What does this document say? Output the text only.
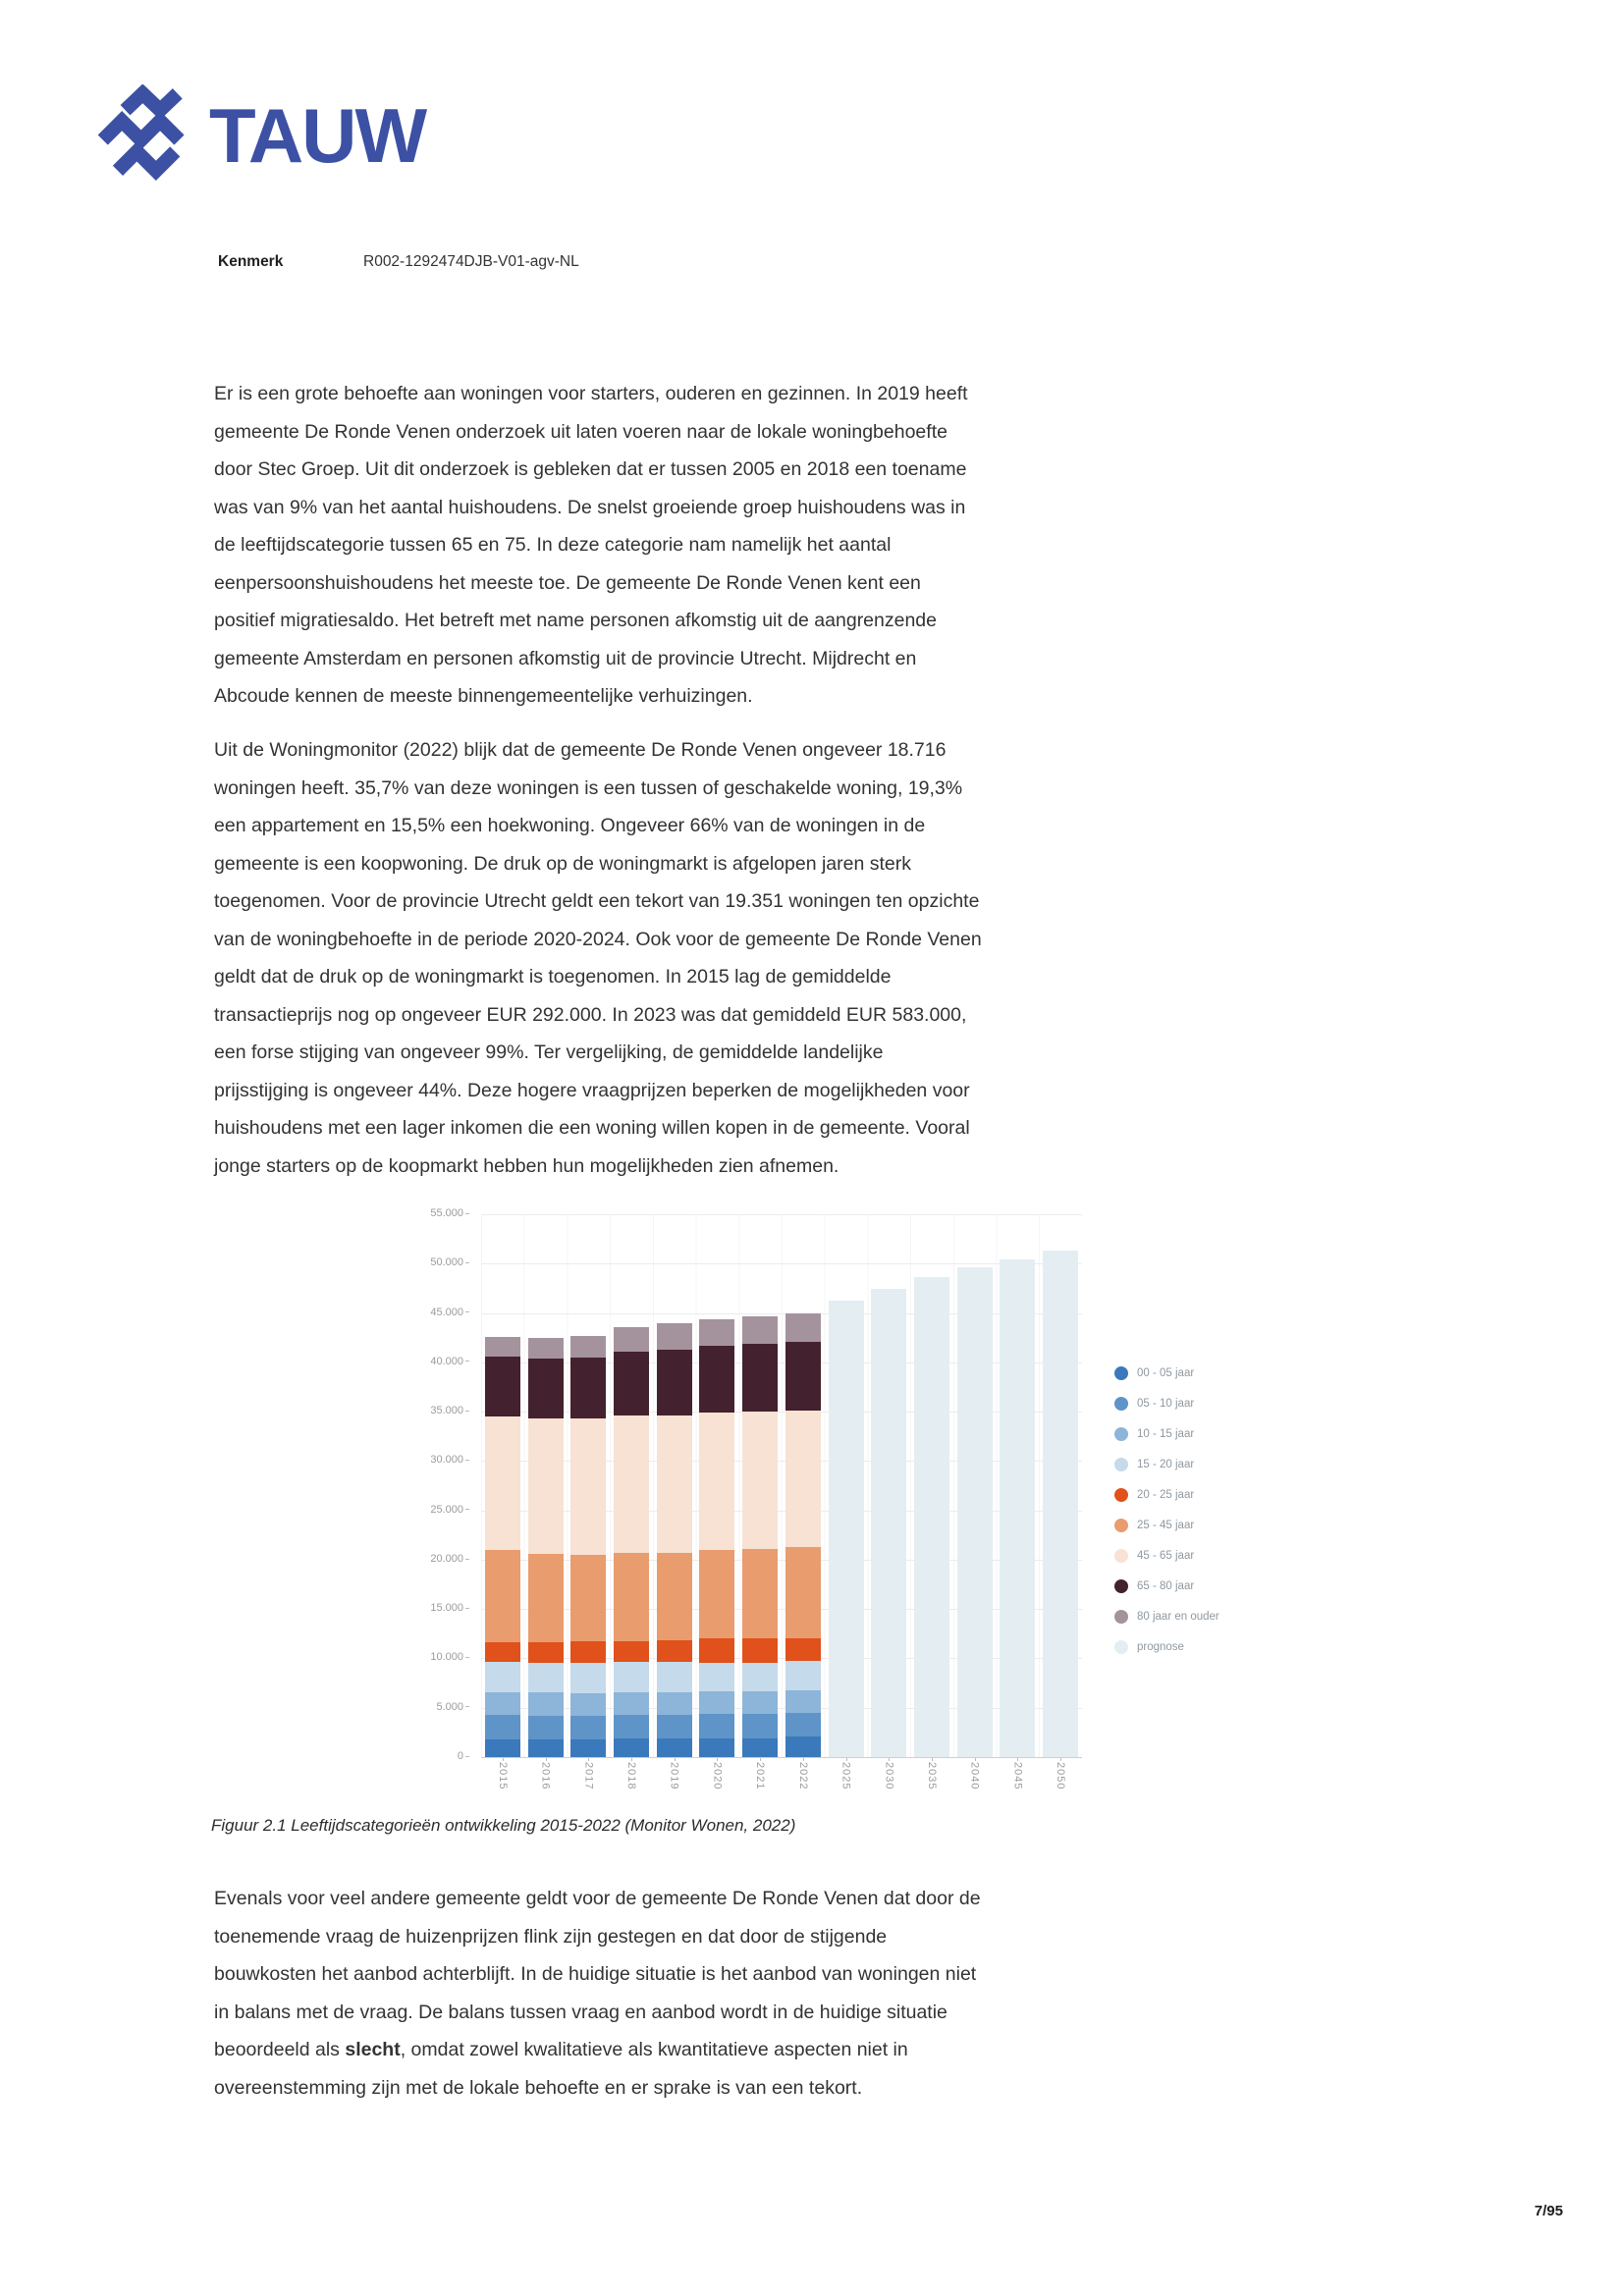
TAUW
Kenmerk	R002-1292474DJB-V01-agv-NL
Er is een grote behoefte aan woningen voor starters, ouderen en gezinnen. In 2019 heeft gemeente De Ronde Venen onderzoek uit laten voeren naar de lokale woningbehoefte door Stec Groep. Uit dit onderzoek is gebleken dat er tussen 2005 en 2018 een toename was van 9% van het aantal huishoudens. De snelst groeiende groep huishoudens was in de leeftijdscategorie tussen 65 en 75. In deze categorie nam namelijk het aantal eenpersoonshuishoudens het meeste toe. De gemeente De Ronde Venen kent een positief migratiesaldo. Het betreft met name personen afkomstig uit de aangrenzende gemeente Amsterdam en personen afkomstig uit de provincie Utrecht. Mijdrecht en Abcoude kennen de meeste binnengemeentelijke verhuizingen.
Uit de Woningmonitor (2022) blijk dat de gemeente De Ronde Venen ongeveer 18.716 woningen heeft. 35,7% van deze woningen is een tussen of geschakelde woning, 19,3% een appartement en 15,5% een hoekwoning. Ongeveer 66% van de woningen in de gemeente is een koopwoning. De druk op de woningmarkt is afgelopen jaren sterk toegenomen. Voor de provincie Utrecht geldt een tekort van 19.351 woningen ten opzichte van de woningbehoefte in de periode 2020-2024. Ook voor de gemeente De Ronde Venen geldt dat de druk op de woningmarkt is toegenomen. In 2015 lag de gemiddelde transactieprijs nog op ongeveer EUR 292.000. In 2023 was dat gemiddeld EUR 583.000, een forse stijging van ongeveer 99%. Ter vergelijking, de gemiddelde landelijke prijsstijging is ongeveer 44%. Deze hogere vraagprijzen beperken de mogelijkheden voor huishoudens met een lager inkomen die een woning willen kopen in de gemeente. Vooral jonge starters op de koopmarkt hebben hun mogelijkheden zien afnemen.
0
5.000
10.000
15.000
20.000
25.000
30.000
35.000
40.000
45.000
50.000
55.000
2015	2016	2017	2018	2019	2020	2021	2022	2025	2030	2035	2040	2045	2050
00 - 05 jaar
05 - 10 jaar
10 - 15 jaar
15 - 20 jaar
20 - 25 jaar
25 - 45 jaar
45 - 65 jaar
65 - 80 jaar
80 jaar en ouder
prognose
Figuur 2.1 Leeftijdscategorieën ontwikkeling 2015-2022 (Monitor Wonen, 2022)
Evenals voor veel andere gemeente geldt voor de gemeente De Ronde Venen dat door de toenemende vraag de huizenprijzen flink zijn gestegen en dat door de stijgende bouwkosten het aanbod achterblijft. In de huidige situatie is het aanbod van woningen niet in balans met de vraag. De balans tussen vraag en aanbod wordt in de huidige situatie beoordeeld als slecht, omdat zowel kwalitatieve als kwantitatieve aspecten niet in overeenstemming zijn met de lokale behoefte en er sprake is van een tekort.
7/95
